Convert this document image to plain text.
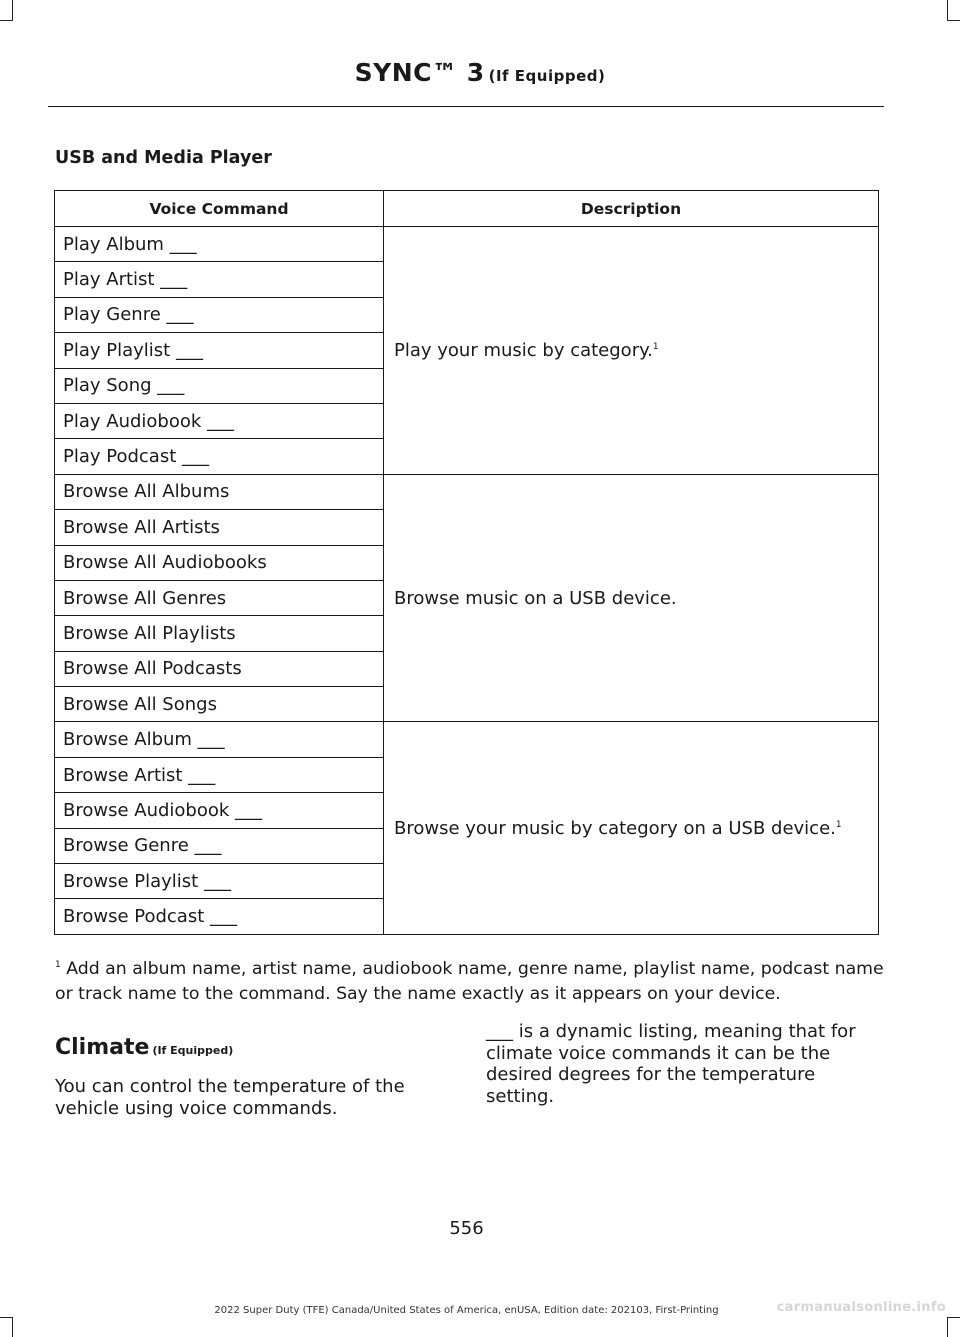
SYNC™ 3 (If Equipped)
USB and Media Player
Voice Command	Description
Play Album ___	Play your music by category.$^1$
Play Artist ___	
Play Genre ___	
Play Playlist ___	
Play Song ___	
Play Audiobook ___	
Play Podcast ___	
Browse All Albums	Browse music on a USB device.
Browse All Artists	
Browse All Audiobooks	
Browse All Genres	
Browse All Playlists	
Browse All Podcasts	
Browse All Songs	
Browse Album ___	Browse your music by category on a USB device.$^1$
Browse Artist ___	
Browse Audiobook ___	
Browse Genre ___	
Browse Playlist ___	
Browse Podcast ___	
$^1$ Add an album name, artist name, audiobook name, genre name, playlist name, podcast name or track name to the command. Say the name exactly as it appears on your device.
Climate (If Equipped)
You can control the temperature of the vehicle using voice commands.
___ is a dynamic listing, meaning that for climate voice commands it can be the desired degrees for the temperature setting.
556
2022 Super Duty (TFE) Canada/United States of America, enUSA, Edition date: 202103, First-Printing	carmanualsonline.info
